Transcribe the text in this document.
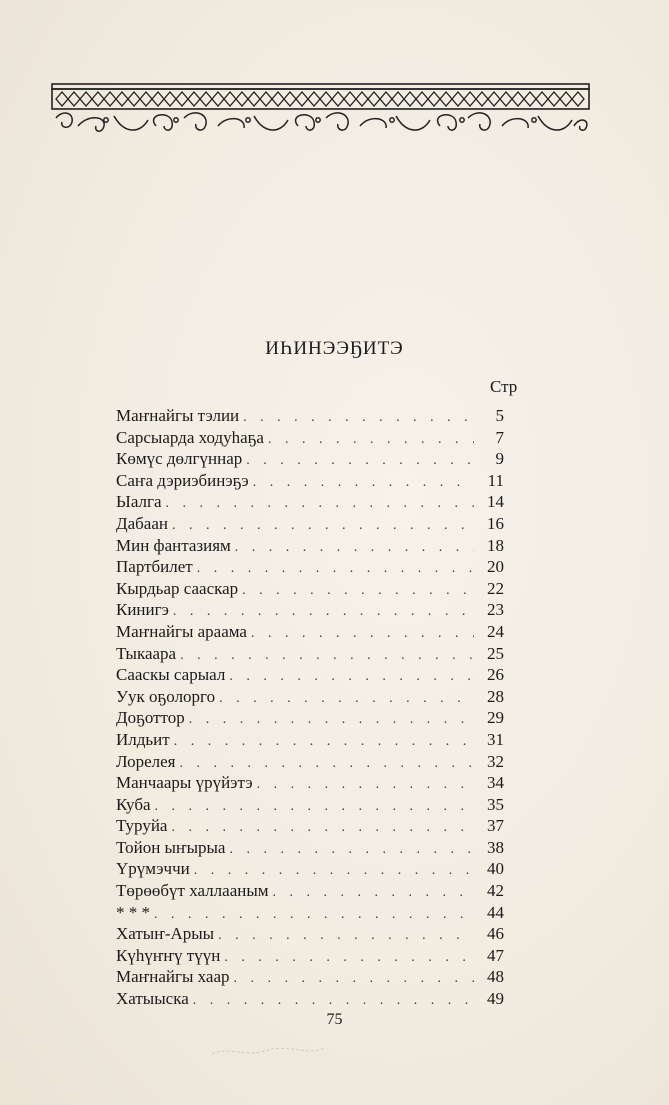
ИҺИНЭЭҔИТЭ
Стр
Маҥнайгы тэлии . . .	5
Сарсыарда ходуһаҕа . . .	7
Көмүс дөлгүннар . . .	9
Саҥа дэриэбинэҕэ . . .	11
Ыалга . . .	14
Дабаан . . .	16
Мин фантазиям . . .	18
Партбилет . . .	20
Кырдьар сааскар . . .	22
Кинигэ . . .	23
Маҥнайгы араама . . .	24
Тыкаара . . .	25
Сааскы сарыал . . .	26
Уук оҕолорго . . .	28
Доҕоттор . . .	29
Илдьит . . .	31
Лорелея . . .	32
Манчаары үрүйэтэ . . .	34
Куба . . .	35
Туруйа . . .	37
Тойон ыҥырыа . . .	38
Үрүмэччи . . .	40
Төрөөбүт халлааным . . .	42
* * * . . .	44
Хатыҥ-Арыы . . .	46
Күһүҥҥү түүн . . .	47
Маҥнайгы хаар . . .	48
Хатыыска . . .	49
75
